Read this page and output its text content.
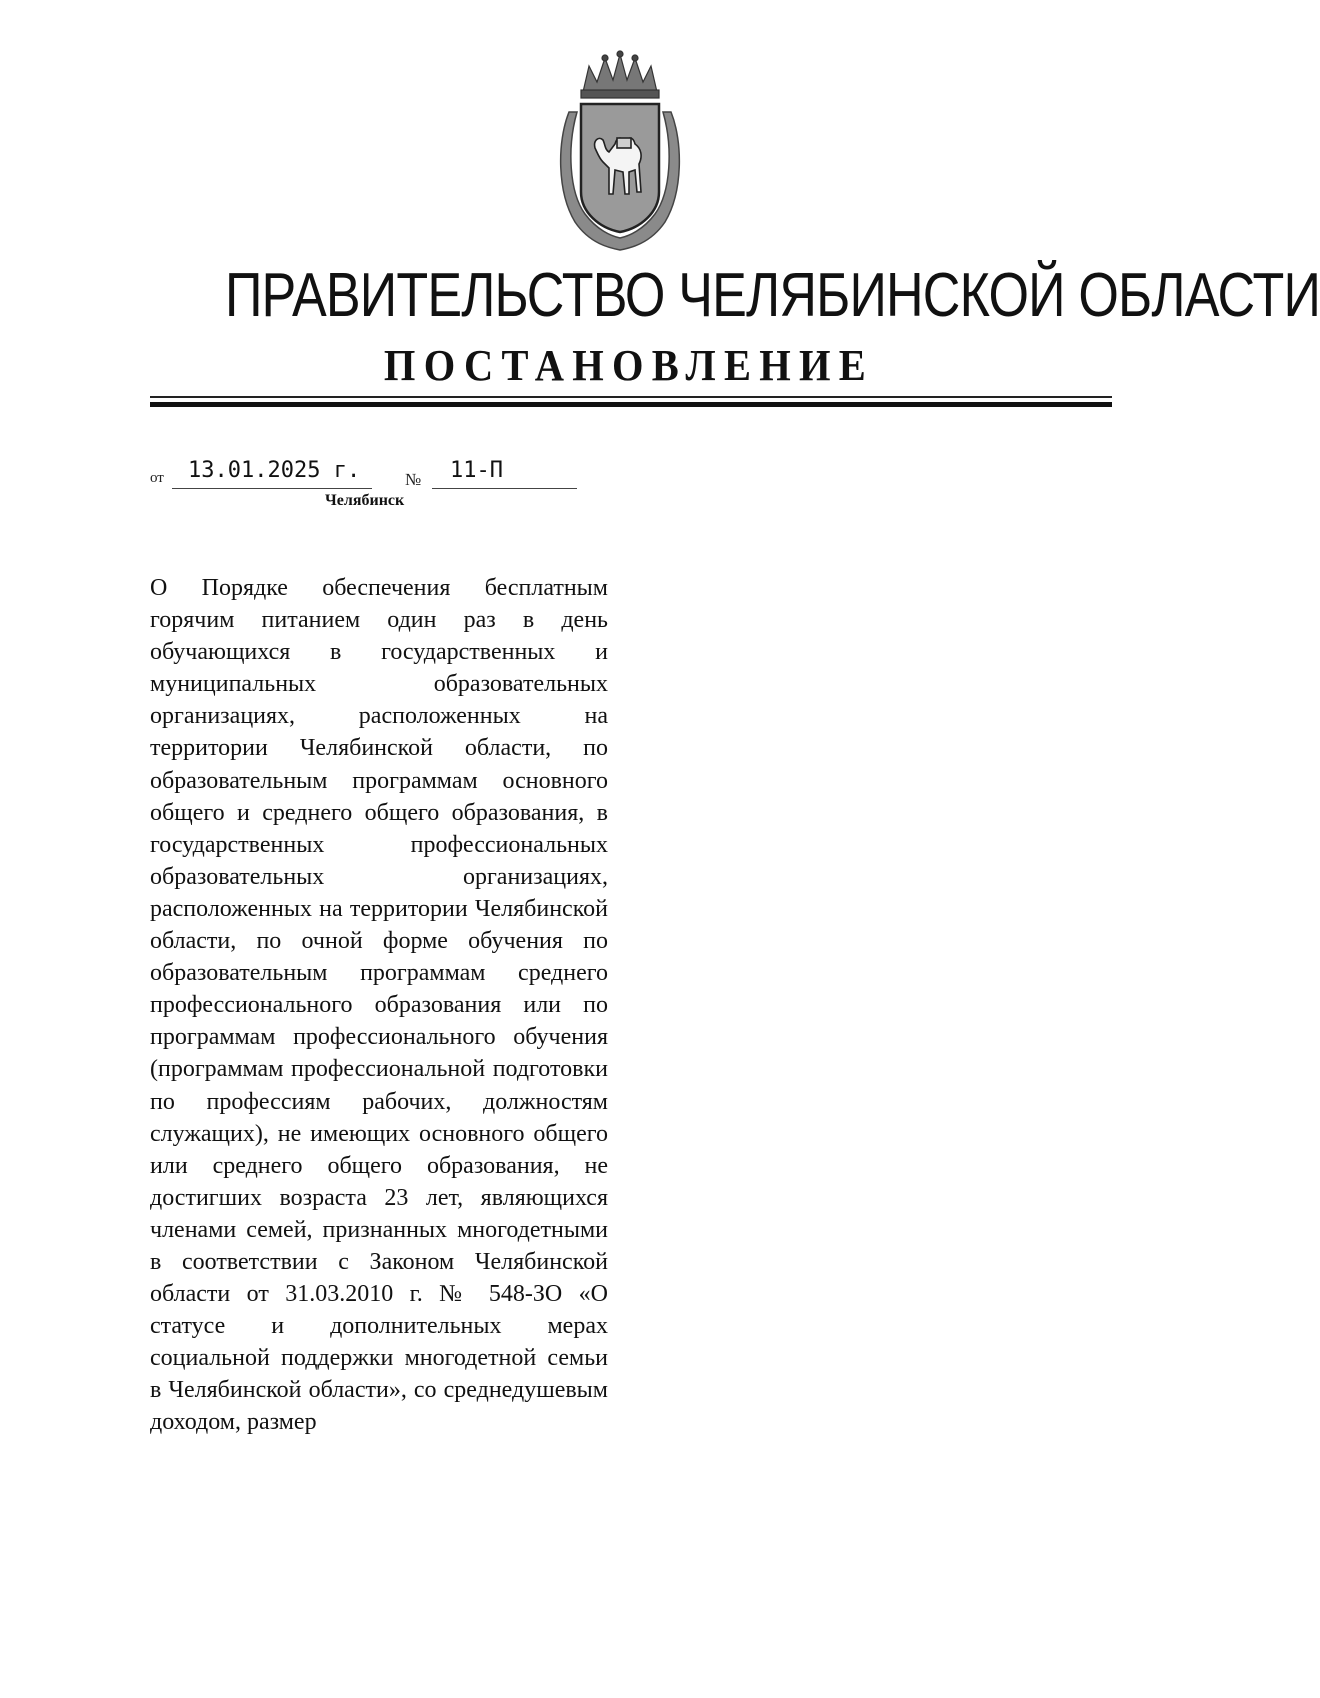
ПРАВИТЕЛЬСТВО ЧЕЛЯБИНСКОЙ ОБЛАСТИ
ПОСТАНОВЛЕНИЕ
от 13.01.2025 г.	№ 11-П
Челябинск

О Порядке обеспечения бесплатным горячим питанием один раз в день обучающихся в государственных и муниципальных образовательных организациях, расположенных на территории Челябинской области, по образовательным программам основного общего и среднего общего образования, в государственных профессиональных образовательных организациях, расположенных на территории Челябинской области, по очной форме обучения по образовательным программам среднего профессионального образования или по программам профессионального обучения (программам профессиональной подготовки по профессиям рабочих, должностям служащих), не имеющих основного общего или среднего общего образования, не достигших возраста 23 лет, являющихся членами семей, признанных многодетными в соответствии с Законом Челябинской области от 31.03.2010 г. № 548-ЗО «О статусе и дополнительных мерах социальной поддержки многодетной семьи в Челябинской области», со среднедушевым доходом, размер
